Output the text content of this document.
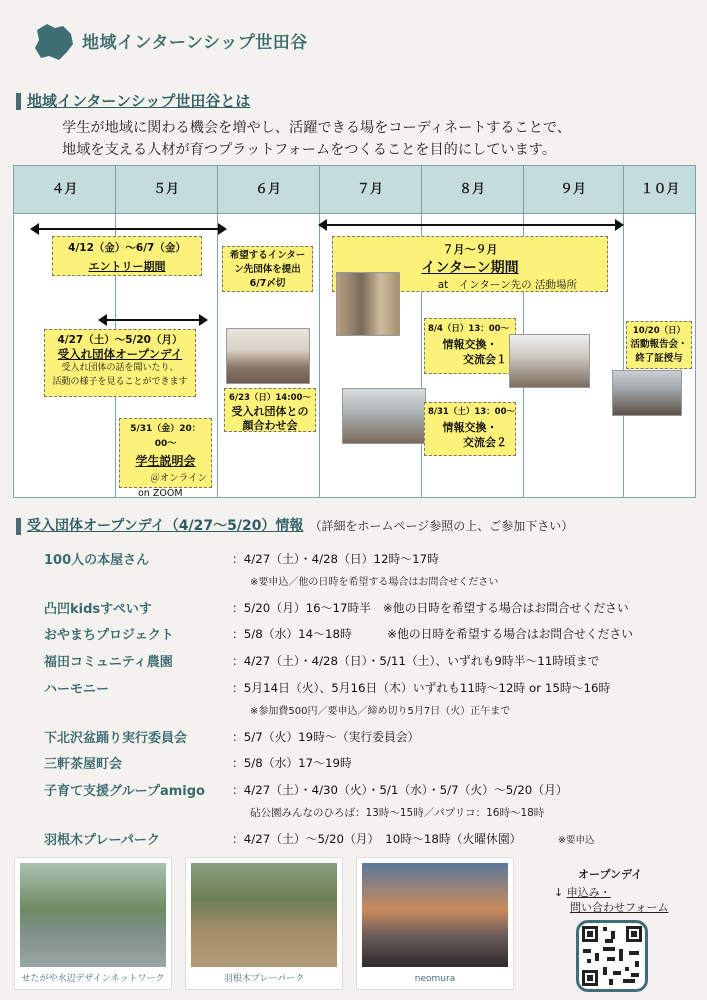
地域インターンシップ世田谷
地域インターンシップ世田谷とは
学生が地域に関わる機会を増やし、活躍できる場をコーディネートすることで、
地域を支える人材が育つプラットフォームをつくることを目的にしています。
４月	５月	６月	７月	８月	９月	１０月
4/12（金）〜6/7（金）
エントリー期間
希望するインター
ン先団体を提出
6/7〆切
７月〜９月
インターン期間
at　インターン先の 活動場所
4/27（土）〜5/20（月）
受入れ団体オープンデイ
受入れ団体の話を聞いたり、
活動の様子を見ることができます
5/31（金）20：00〜
学生説明会
＠オンライン
on ZOOM
6/23（日）14:00〜
受入れ団体との
顔合わせ会
8/4（日）13：00〜
情報交換・
交流会１
8/31（土）13：00〜
情報交換・
交流会２
10/20（日）
活動報告会・
終了証授与
受入団体オープンデイ（4/27〜5/20）情報 （詳細をホームページ参照の上、ご参加下さい）
100人の本屋さん	：4/27（土）・4/28（日）12時〜17時
※要申込／他の日時を希望する場合はお問合せください
凸凹kidsすぺいす	：5/20（月）16〜17時半　※他の日時を希望する場合はお問合せください
おやまちプロジェクト	：5/8（水）14〜18時　　　※他の日時を希望する場合はお問合せください
福田コミュニティ農園	：4/27（土）・4/28（日）・5/11（土）、いずれも9時半〜11時頃まで
ハーモニー	：5月14日（火）、5月16日（木）いずれも11時〜12時 or 15時〜16時
※参加費500円／要申込／締め切り5月7日（火）正午まで
下北沢盆踊り実行委員会	：5/7（火）19時〜（実行委員会）
三軒茶屋町会	：5/8（水）17〜19時
子育て支援グループamigo ：4/27（土）・4/30（火）・5/1（水）・5/7（火）〜5/20（月）
砧公園みんなのひろば：13時〜15時／パプリコ：16時〜18時
羽根木プレーパーク	：4/27（土）〜5/20（月）　10時〜18時（火曜休園）	※要申込
せたがや水辺デザインネットワーク	羽根木プレーパーク	neomura
オープンデイ
↓ 申込み・
問い合わせフォーム
